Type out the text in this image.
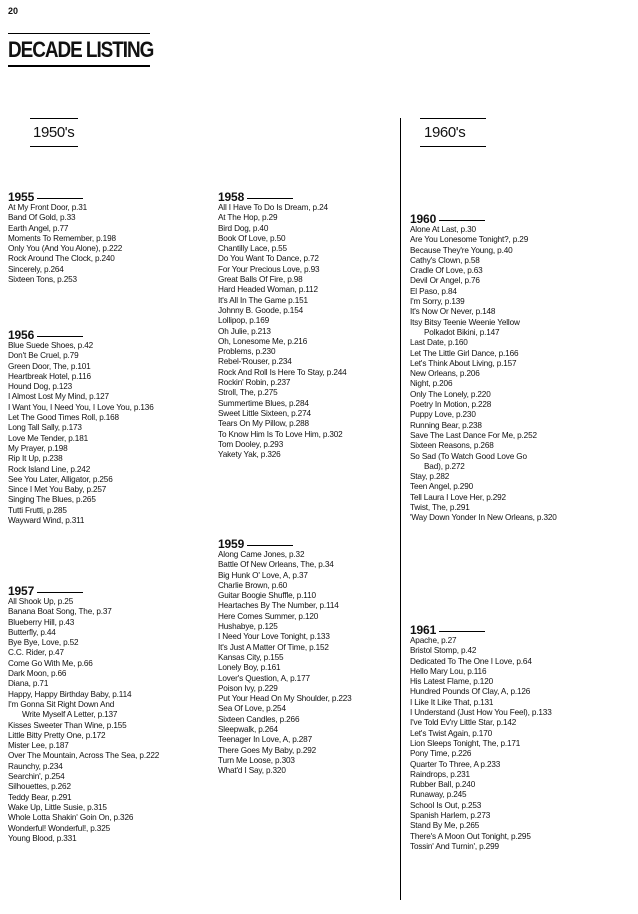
20
DECADE LISTING
1950's	1960's
1955
At My Front Door, p.31
Band Of Gold, p.33
Earth Angel, p.77
Moments To Remember, p.198
Only You (And You Alone), p.222
Rock Around The Clock, p.240
Sincerely, p.264
Sixteen Tons, p.253
1956
Blue Suede Shoes, p.42
Don't Be Cruel, p.79
Green Door, The, p.101
Heartbreak Hotel, p.116
Hound Dog, p.123
I Almost Lost My Mind, p.127
I Want You, I Need You, I Love You, p.136
Let The Good Times Roll, p.168
Long Tall Sally, p.173
Love Me Tender, p.181
My Prayer, p.198
Rip It Up, p.238
Rock Island Line, p.242
See You Later, Alligator, p.256
Since I Met You Baby, p.257
Singing The Blues, p.265
Tutti Frutti, p.285
Wayward Wind, p.311
1957
All Shook Up, p.25
Banana Boat Song, The, p.37
Blueberry Hill, p.43
Butterfly, p.44
Bye Bye, Love, p.52
C.C. Rider, p.47
Come Go With Me, p.66
Dark Moon, p.66
Diana, p.71
Happy, Happy Birthday Baby, p.114
I'm Gonna Sit Right Down And
Write Myself A Letter, p.137
Kisses Sweeter Than Wine, p.155
Little Bitty Pretty One, p.172
Mister Lee, p.187
Over The Mountain, Across The Sea, p.222
Raunchy, p.234
Searchin', p.254
Silhouettes, p.262
Teddy Bear, p.291
Wake Up, Little Susie, p.315
Whole Lotta Shakin' Goin On, p.326
Wonderful! Wonderful!, p.325
Young Blood, p.331
1958
All I Have To Do Is Dream, p.24
At The Hop, p.29
Bird Dog, p.40
Book Of Love, p.50
Chantilly Lace, p.55
Do You Want To Dance, p.72
For Your Precious Love, p.93
Great Balls Of Fire, p.98
Hard Headed Woman, p.112
It's All In The Game p.151
Johnny B. Goode, p.154
Lollipop, p.169
Oh Julie, p.213
Oh, Lonesome Me, p.216
Problems, p.230
Rebel-'Rouser, p.234
Rock And Roll Is Here To Stay, p.244
Rockin' Robin, p.237
Stroll, The, p.275
Summertime Blues, p.284
Sweet Little Sixteen, p.274
Tears On My Pillow, p.288
To Know Him Is To Love Him, p.302
Tom Dooley, p.293
Yakety Yak, p.326
1959
Along Came Jones, p.32
Battle Of New Orleans, The, p.34
Big Hunk O' Love, A, p.37
Charlie Brown, p.60
Guitar Boogie Shuffle, p.110
Heartaches By The Number, p.114
Here Comes Summer, p.120
Hushabye, p.125
I Need Your Love Tonight, p.133
It's Just A Matter Of Time, p.152
Kansas City, p.155
Lonely Boy, p.161
Lover's Question, A, p.177
Poison Ivy, p.229
Put Your Head On My Shoulder, p.223
Sea Of Love, p.254
Sixteen Candles, p.266
Sleepwalk, p.264
Teenager In Love, A, p.287
There Goes My Baby, p.292
Turn Me Loose, p.303
What'd I Say, p.320
1960
Alone At Last, p.30
Are You Lonesome Tonight?, p.29
Because They're Young, p.40
Cathy's Clown, p.58
Cradle Of Love, p.63
Devil Or Angel, p.76
El Paso, p.84
I'm Sorry, p.139
It's Now Or Never, p.148
Itsy Bitsy Teenie Weenie Yellow
Polkadot Bikini, p.147
Last Date, p.160
Let The Little Girl Dance, p.166
Let's Think About Living, p.157
New Orleans, p.206
Night, p.206
Only The Lonely, p.220
Poetry In Motion, p.228
Puppy Love, p.230
Running Bear, p.238
Save The Last Dance For Me, p.252
Sixteen Reasons, p.268
So Sad (To Watch Good Love Go
Bad), p.272
Stay, p.282
Teen Angel, p.290
Tell Laura I Love Her, p.292
Twist, The, p.291
'Way Down Yonder In New Orleans, p.320
1961
Apache, p.27
Bristol Stomp, p.42
Dedicated To The One I Love, p.64
Hello Mary Lou, p.116
His Latest Flame, p.120
Hundred Pounds Of Clay, A, p.126
I Like It Like That, p.131
I Understand (Just How You Feel), p.133
I've Told Ev'ry Little Star, p.142
Let's Twist Again, p.170
Lion Sleeps Tonight, The, p.171
Pony Time, p.226
Quarter To Three, A p.233
Raindrops, p.231
Rubber Ball, p.240
Runaway, p.245
School Is Out, p.253
Spanish Harlem, p.273
Stand By Me, p.265
There's A Moon Out Tonight, p.295
Tossin' And Turnin', p.299
